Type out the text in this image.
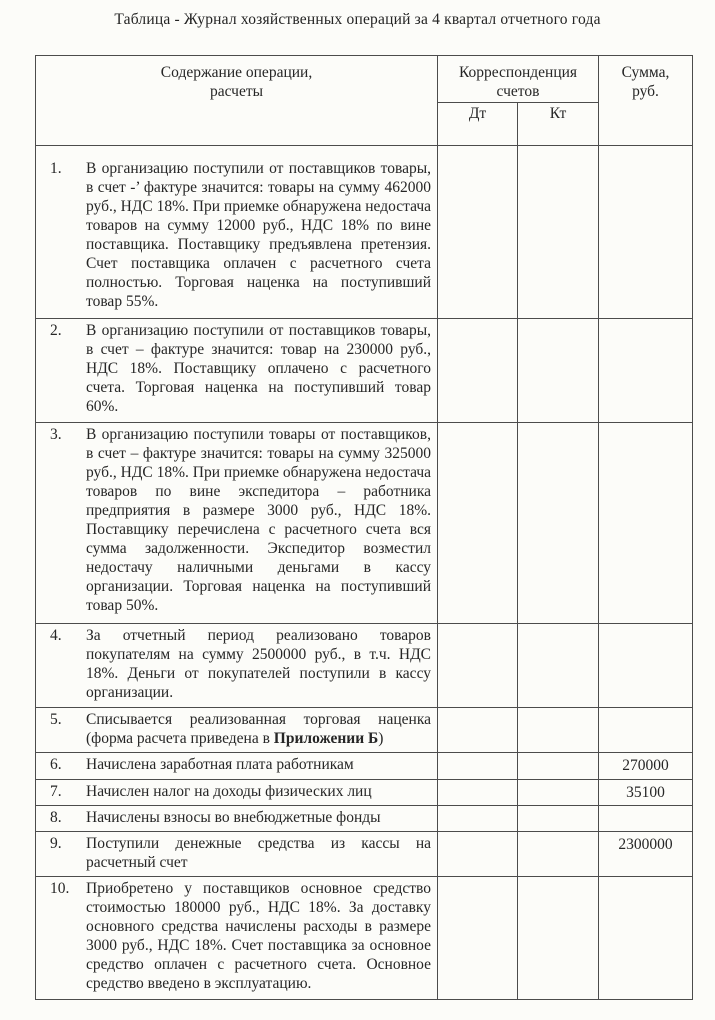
Таблица - Журнал хозяйственных операций за 4 квартал отчетного года
Содержание операции,
расчеты	Корреспонденция
счетов		Сумма,
руб.

	Дт	Кт	

1. В организацию поступили от поставщиков товары, в счет -’ фактуре значится: товары на сумму 462000 руб., НДС 18%. При приемке обнаружена недостача товаров на сумму 12000 руб., НДС 18% по вине поставщика. Поставщику предъявлена претензия. Счет поставщика оплачен с расчетного счета полностью. Торговая наценка на поступивший товар 55%.			

2. В организацию поступили от поставщиков товары, в счет – фактуре значится: товар на 230000 руб., НДС 18%. Поставщику оплачено с расчетного счета. Торговая наценка на поступивший товар 60%.			

3. В организацию поступили товары от поставщиков, в счет – фактуре значится: товары на сумму 325000 руб., НДС 18%. При приемке обнаружена недостача товаров по вине экспедитора – работника предприятия в размере 3000 руб., НДС 18%. Поставщику перечислена с расчетного счета вся сумма задолженности. Экспедитор возместил недостачу наличными деньгами в кассу организации. Торговая наценка на поступивший товар 50%.			

4. За отчетный период реализовано товаров покупателям на сумму 2500000 руб., в т.ч. НДС 18%. Деньги от покупателей поступили в кассу организации.			

5. Списывается реализованная торговая наценка (форма расчета приведена в Приложении Б)			

6. Начислена заработная плата работникам			270000

7. Начислен налог на доходы физических лиц			35100

8. Начислены взносы во внебюджетные фонды			

9. Поступили денежные средства из кассы на расчетный счет			2300000

10. Приобретено у поставщиков основное средство стоимостью 180000 руб., НДС 18%. За доставку основного средства начислены расходы в размере 3000 руб., НДС 18%. Счет поставщика за основное средство оплачен с расчетного счета. Основное средство введено в эксплуатацию.			
